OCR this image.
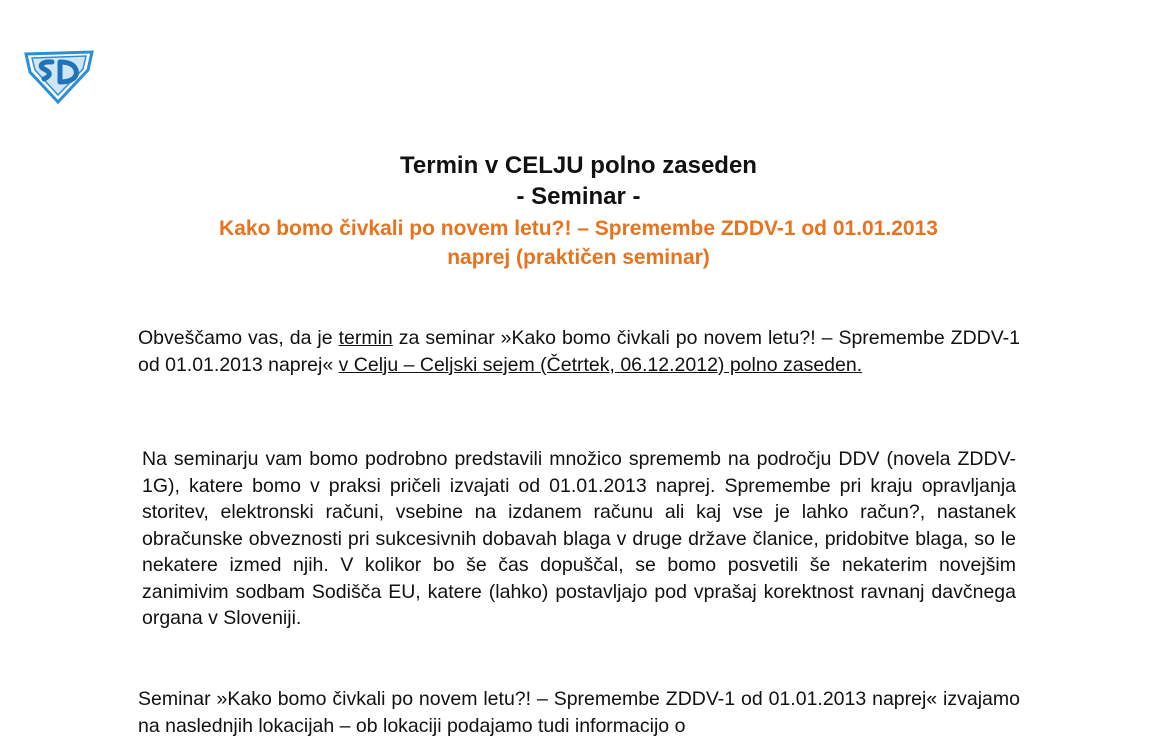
Termin v CELJU polno zaseden
- Seminar -
Kako bomo čivkali po novem letu?! – Spremembe ZDDV-1 od 01.01.2013
naprej (praktičen seminar)
Obveščamo vas, da je termin za seminar »Kako bomo čivkali po novem letu?! – Spremembe ZDDV-1 od 01.01.2013 naprej« v Celju – Celjski sejem (Četrtek, 06.12.2012) polno zaseden.
Na seminarju vam bomo podrobno predstavili množico sprememb na področju DDV (novela ZDDV-1G), katere bomo v praksi pričeli izvajati od 01.01.2013 naprej. Spremembe pri kraju opravljanja storitev, elektronski računi, vsebine na izdanem računu ali kaj vse je lahko račun?, nastanek obračunske obveznosti pri sukcesivnih dobavah blaga v druge države članice, pridobitve blaga, so le nekatere izmed njih. V kolikor bo še čas dopuščal, se bomo posvetili še nekaterim novejšim zanimivim sodbam Sodišča EU, katere (lahko) postavljajo pod vprašaj korektnost ravnanj davčnega organa v Sloveniji.
Seminar »Kako bomo čivkali po novem letu?! – Spremembe ZDDV-1 od 01.01.2013 naprej« izvajamo na naslednjih lokacijah – ob lokaciji podajamo tudi informacijo o
